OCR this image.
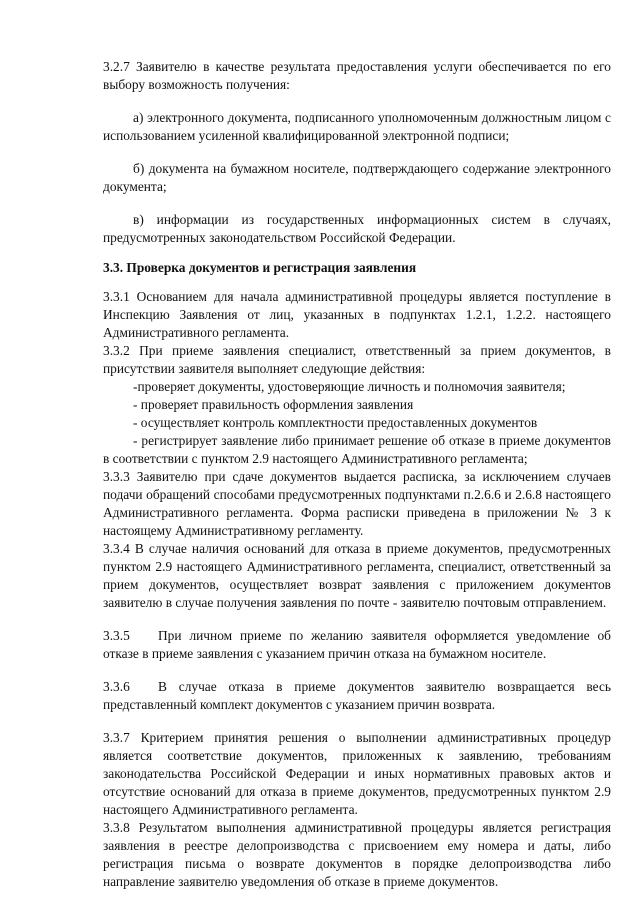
3.2.7 Заявителю в качестве результата предоставления услуги обеспечивается по его выбору возможность получения:

а) электронного документа, подписанного уполномоченным должностным лицом с использованием усиленной квалифицированной электронной подписи;

б) документа на бумажном носителе, подтверждающего содержание электронного документа;

в) информации из государственных информационных систем в случаях, предусмотренных законодательством Российской Федерации.

3.3. Проверка документов и регистрация заявления

3.3.1 Основанием для начала административной процедуры является поступление в Инспекцию Заявления от лиц, указанных в подпунктах 1.2.1, 1.2.2. настоящего Административного регламента.

3.3.2 При приеме заявления специалист, ответственный за прием документов, в присутствии заявителя выполняет следующие действия:

-проверяет документы, удостоверяющие личность и полномочия заявителя;

- проверяет правильность оформления заявления

- осуществляет контроль комплектности предоставленных документов

- регистрирует заявление либо принимает решение об отказе в приеме документов в соответствии с пунктом 2.9 настоящего Административного регламента;

3.3.3 Заявителю при сдаче документов выдается расписка, за исключением случаев подачи обращений способами предусмотренных подпунктами п.2.6.6 и 2.6.8 настоящего Административного регламента. Форма расписки приведена в приложении № 3 к настоящему Административному регламенту.

3.3.4 В случае наличия оснований для отказа в приеме документов, предусмотренных пунктом 2.9 настоящего Административного регламента, специалист, ответственный за прием документов, осуществляет возврат заявления с приложением документов заявителю в случае получения заявления по почте - заявителю почтовым отправлением.

3.3.5 При личном приеме по желанию заявителя оформляется уведомление об отказе в приеме заявления с указанием причин отказа на бумажном носителе.

3.3.6 В случае отказа в приеме документов заявителю возвращается весь представленный комплект документов с указанием причин возврата.

3.3.7 Критерием принятия решения о выполнении административных процедур является соответствие документов, приложенных к заявлению, требованиям законодательства Российской Федерации и иных нормативных правовых актов и отсутствие оснований для отказа в приеме документов, предусмотренных пунктом 2.9 настоящего Административного регламента.

3.3.8 Результатом выполнения административной процедуры является регистрация заявления в реестре делопроизводства с присвоением ему номера и даты, либо регистрация письма о возврате документов в порядке делопроизводства либо направление заявителю уведомления об отказе в приеме документов.
